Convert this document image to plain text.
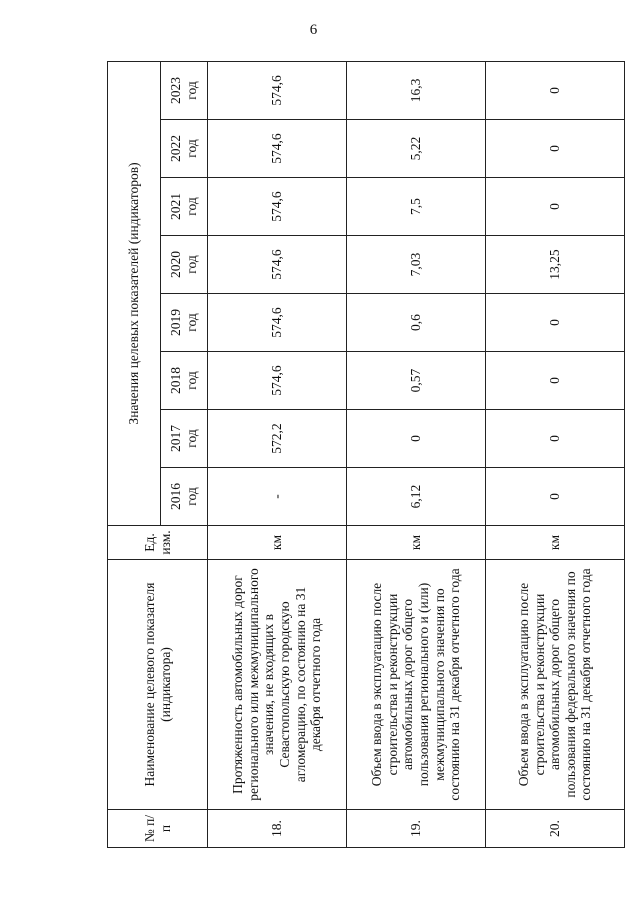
6
№ п/п	Наименование целевого показателя (индикатора)	Ед. изм.	Значения целевых показателей (индикаторов)							

			2016 год	2017 год	2018 год	2019 год	2020 год	2021 год	2022 год	2023 год

18.	Протяженность автомобильных дорог регионального или межмуниципального значения, не входящих в Севастопольскую городскую агломерацию, по состоянию на 31 декабря отчетного года	км	-	572,2	574,6	574,6	574,6	574,6	574,6	574,6
19.	Объем ввода в эксплуатацию после строительства и реконструкции автомобильных дорог общего пользования регионального и (или) межмуниципального значения по состоянию на 31 декабря отчетного года	км	6,12	0	0,57	0,6	7,03	7,5	5,22	16,3
20.	Объем ввода в эксплуатацию после строительства и реконструкции автомобильных дорог общего пользования федерального значения по состоянию на 31 декабря отчетного года	км	0	0	0	0	13,25	0	0	0
